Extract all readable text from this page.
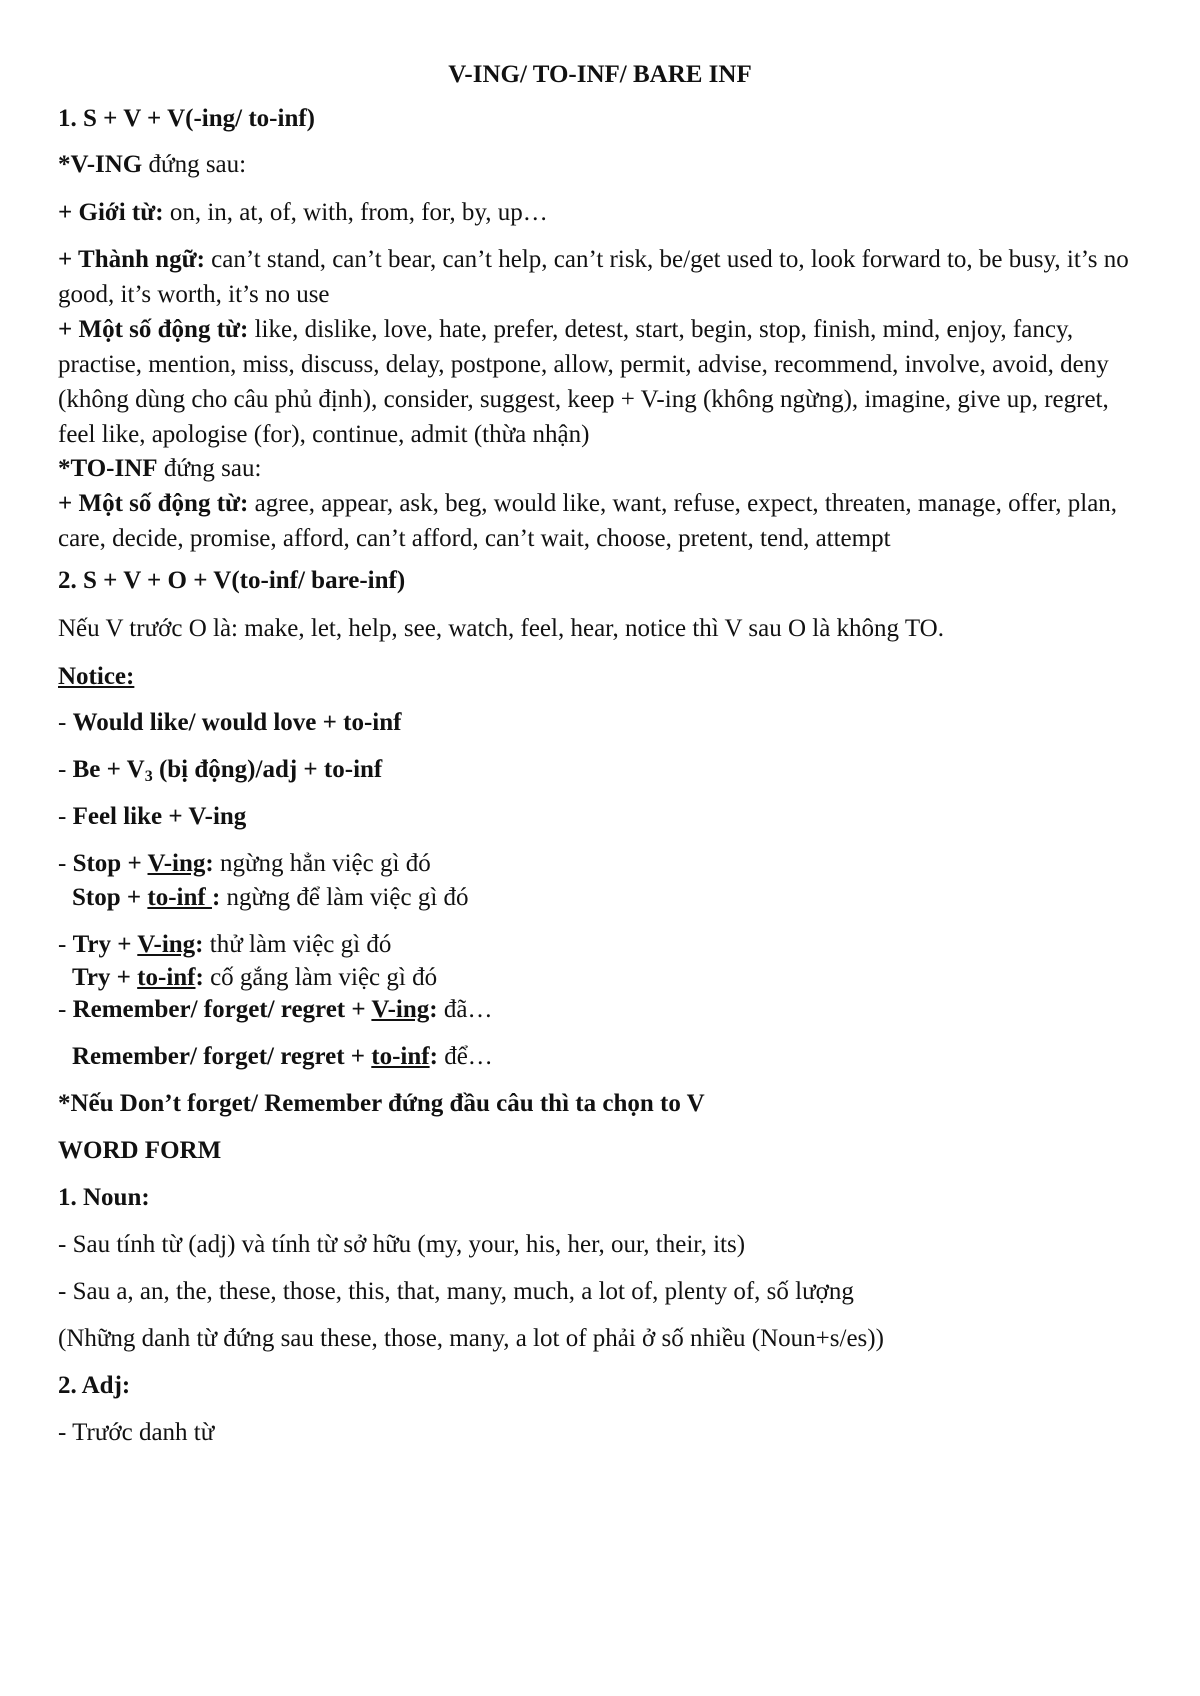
V-ING/ TO-INF/ BARE INF
1. S + V + V(-ing/ to-inf)
*V-ING đứng sau:
+ Giới từ: on, in, at, of, with, from, for, by, up…
+ Thành ngữ: can’t stand, can’t bear, can’t help, can’t risk, be/get used to, look forward to, be busy, it’s no good, it’s worth, it’s no use
+ Một số động từ: like, dislike, love, hate, prefer, detest, start, begin, stop, finish, mind, enjoy, fancy, practise, mention, miss, discuss, delay, postpone, allow, permit, advise, recommend, involve, avoid, deny (không dùng cho câu phủ định), consider, suggest, keep + V-ing (không ngừng), imagine, give up, regret, feel like, apologise (for), continue, admit (thừa nhận)
*TO-INF đứng sau:
+ Một số động từ: agree, appear, ask, beg, would like, want, refuse, expect, threaten, manage, offer, plan, care, decide, promise, afford, can’t afford, can’t wait, choose, pretent, tend, attempt
2. S + V + O + V(to-inf/ bare-inf)
Nếu V trước O là: make, let, help, see, watch, feel, hear, notice thì V sau O là không TO.
Notice:
- Would like/ would love + to-inf
- $Be + V_3$ (bị động)/adj + to-inf
- Feel like + V-ing
- Stop + V-ing: ngừng hẳn việc gì đó
Stop + to-inf : ngừng để làm việc gì đó
- Try + V-ing: thử làm việc gì đó
Try + to-inf: cố gắng làm việc gì đó
- Remember/ forget/ regret + V-ing: đã…
Remember/ forget/ regret + to-inf: để…
*Nếu Don’t forget/ Remember đứng đầu câu thì ta chọn to V
WORD FORM
1. Noun:
- Sau tính từ (adj) và tính từ sở hữu (my, your, his, her, our, their, its)
- Sau a, an, the, these, those, this, that, many, much, a lot of, plenty of, số lượng
(Những danh từ đứng sau these, those, many, a lot of phải ở số nhiều (Noun+s/es))
2. Adj:
- Trước danh từ
